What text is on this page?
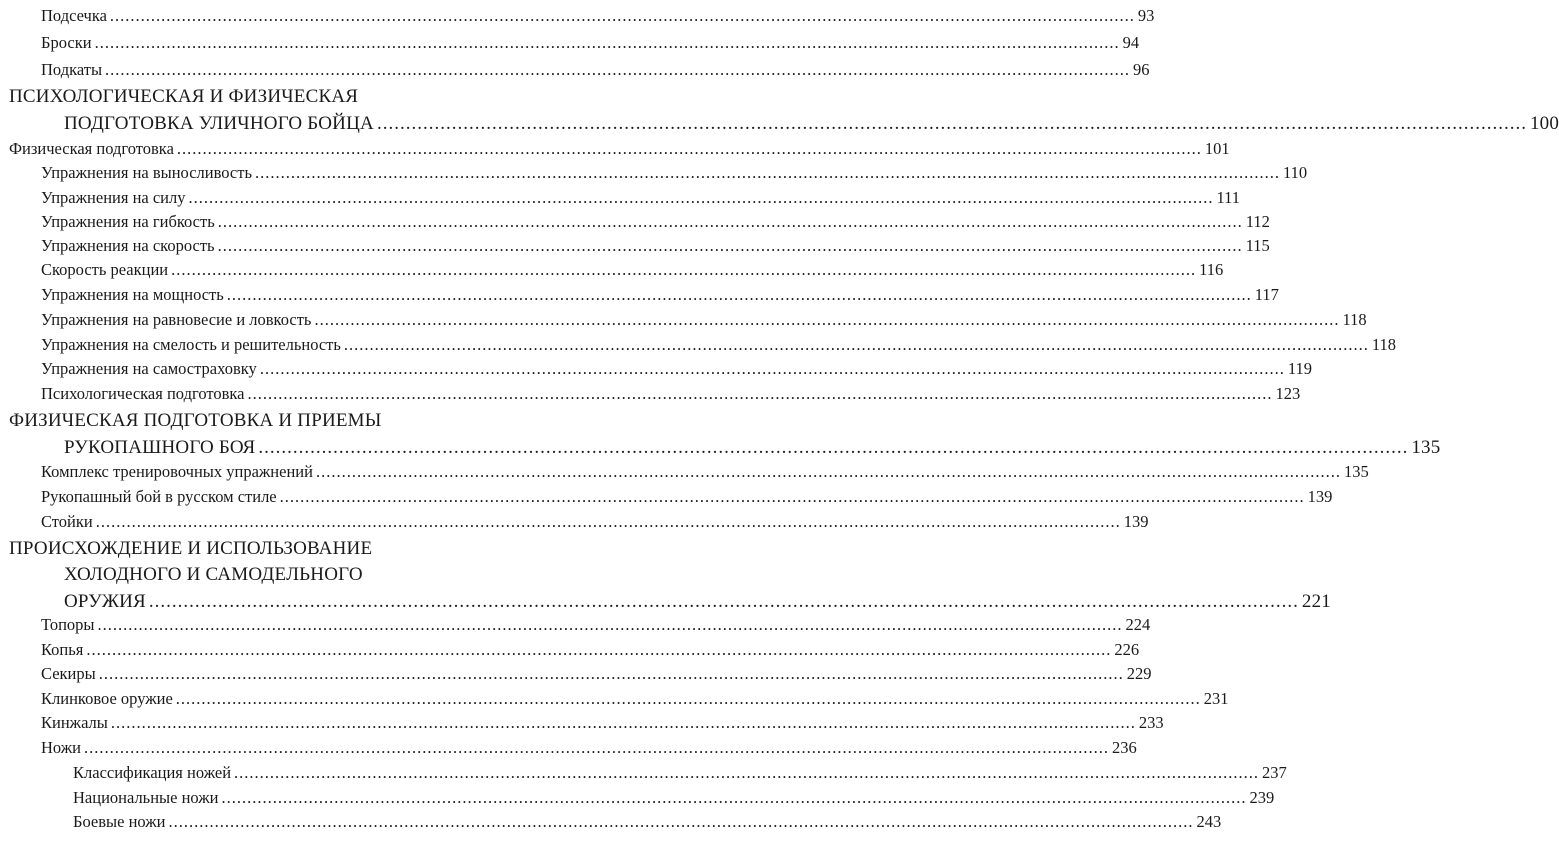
Подсечка ........................................................................................................................................................................................................ 93
Броски ........................................................................................................................................................................................................ 94
Подкаты ........................................................................................................................................................................................................ 96
ПСИХОЛОГИЧЕСКАЯ И ФИЗИЧЕСКАЯ
ПОДГОТОВКА УЛИЧНОГО БОЙЦА ........................................................................................................................................................................................................ 100
Физическая подготовка ........................................................................................................................................................................................................ 101
Упражнения на выносливость ........................................................................................................................................................................................................ 110
Упражнения на силу ........................................................................................................................................................................................................ 111
Упражнения на гибкость ........................................................................................................................................................................................................ 112
Упражнения на скорость ........................................................................................................................................................................................................ 115
Скорость реакции ........................................................................................................................................................................................................ 116
Упражнения на мощность ........................................................................................................................................................................................................ 117
Упражнения на равновесие и ловкость ........................................................................................................................................................................................................ 118
Упражнения на смелость и решительность ........................................................................................................................................................................................................ 118
Упражнения на самостраховку ........................................................................................................................................................................................................ 119
Психологическая подготовка ........................................................................................................................................................................................................ 123
ФИЗИЧЕСКАЯ ПОДГОТОВКА И ПРИЕМЫ
РУКОПАШНОГО БОЯ ........................................................................................................................................................................................................ 135
Комплекс тренировочных упражнений ........................................................................................................................................................................................................ 135
Рукопашный бой в русском стиле ........................................................................................................................................................................................................ 139
Стойки ........................................................................................................................................................................................................ 139
ПРОИСХОЖДЕНИЕ И ИСПОЛЬЗОВАНИЕ
ХОЛОДНОГО И САМОДЕЛЬНОГО
ОРУЖИЯ ........................................................................................................................................................................................................ 221
Топоры ........................................................................................................................................................................................................ 224
Копья ........................................................................................................................................................................................................ 226
Секиры ........................................................................................................................................................................................................ 229
Клинковое оружие ........................................................................................................................................................................................................ 231
Кинжалы ........................................................................................................................................................................................................ 233
Ножи ........................................................................................................................................................................................................ 236
Классификация ножей ........................................................................................................................................................................................................ 237
Национальные ножи ........................................................................................................................................................................................................ 239
Боевые ножи ........................................................................................................................................................................................................ 243
